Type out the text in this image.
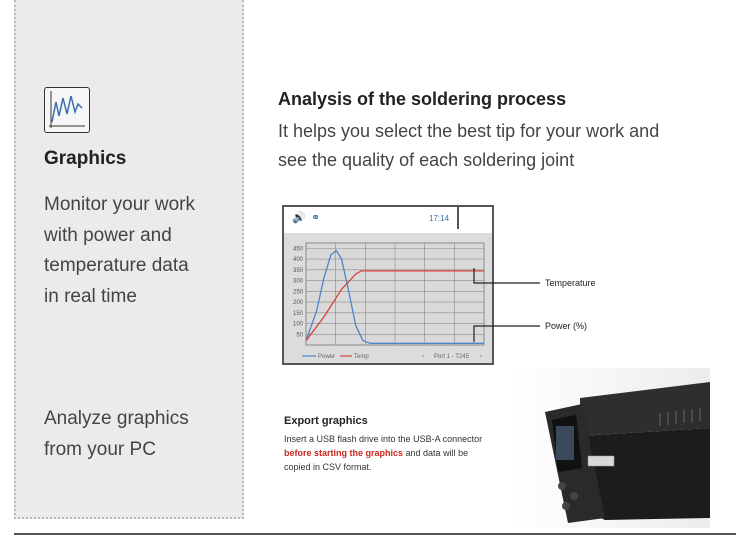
Graphics
Monitor your work
with power and
temperature data
in real time
Analyze graphics
from your PC
Analysis of the soldering process
It helps you select the best tip for your work and
see the quality of each soldering joint
🔊 ⚭	17:14
450
400
350
300
250
200
150
100
50
Power	Temp	‹ Port 1 - T245 ›
Temperature
Power (%)
Export graphics
Insert a USB flash drive into the USB-A connector
before starting the graphics and data will be
copied in CSV format.
